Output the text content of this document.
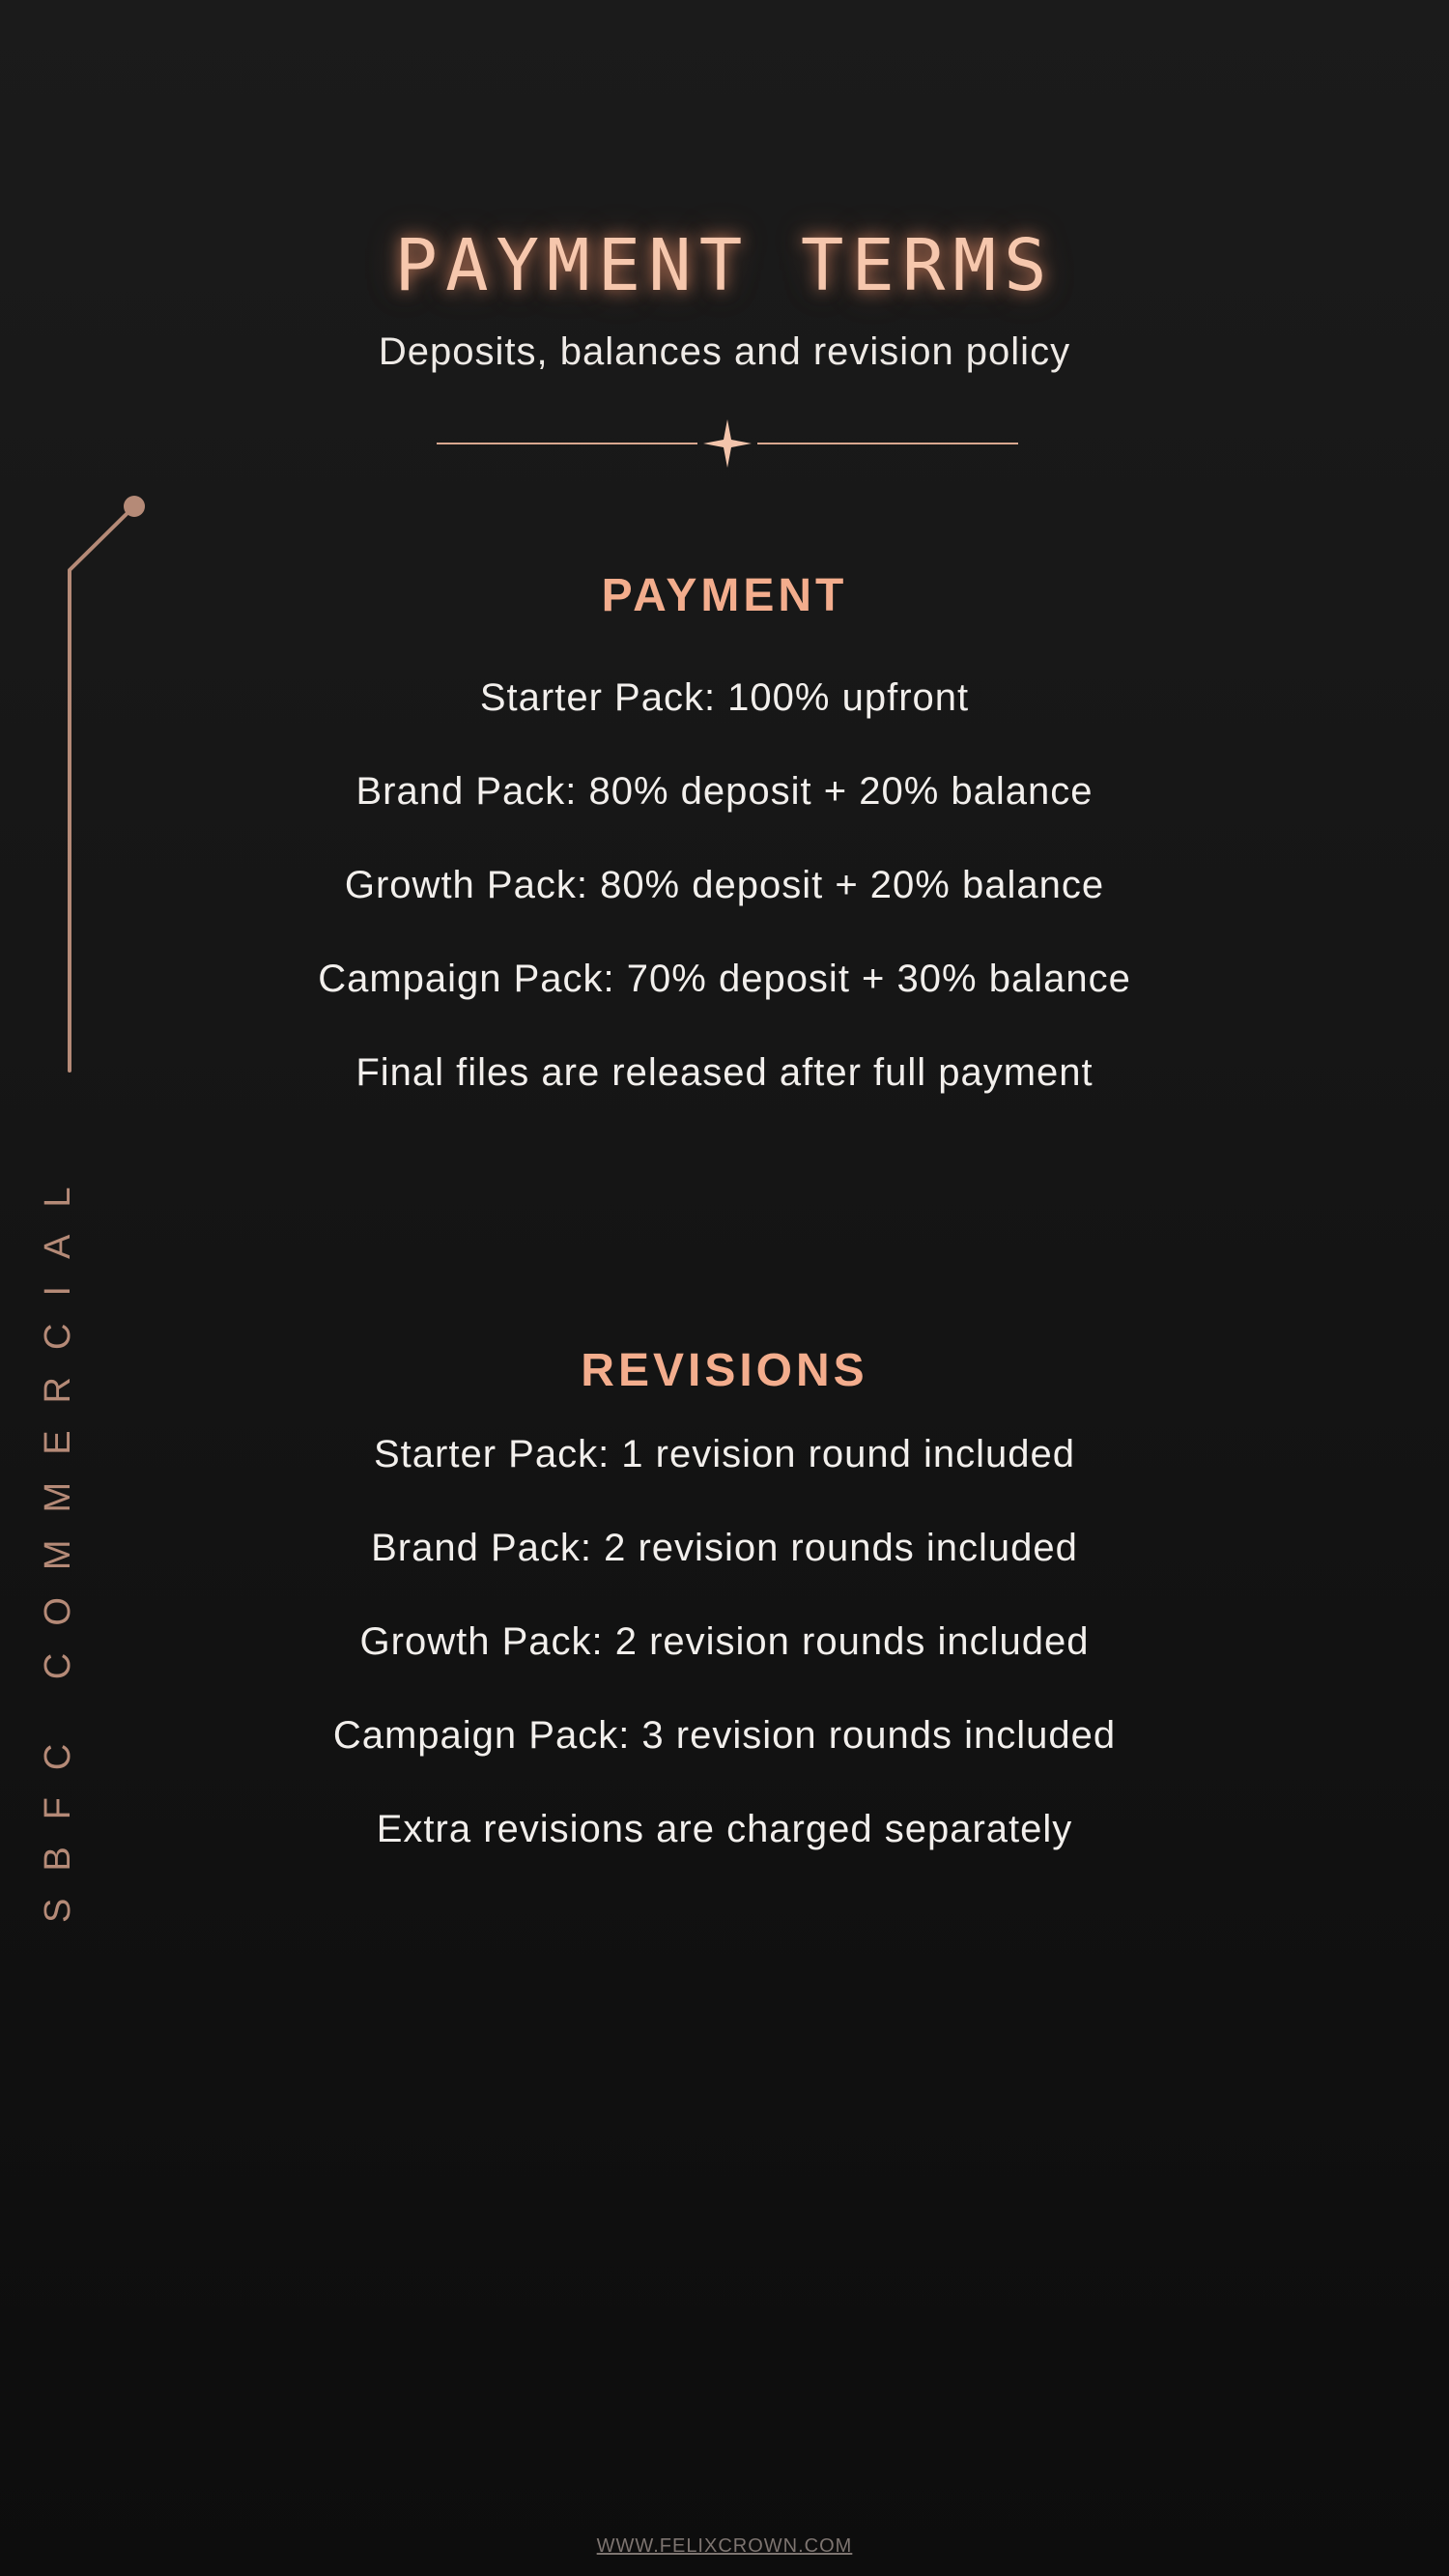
PAYMENT TERMS
Deposits, balances and revision policy
SBFC COMMERCIAL
PAYMENT
Starter Pack: 100% upfront
Brand Pack: 80% deposit + 20% balance
Growth Pack: 80% deposit + 20% balance
Campaign Pack: 70% deposit + 30% balance
Final files are released after full payment
REVISIONS
Starter Pack: 1 revision round included
Brand Pack: 2 revision rounds included
Growth Pack: 2 revision rounds included
Campaign Pack: 3 revision rounds included
Extra revisions are charged separately
WWW.FELIXCROWN.COM
